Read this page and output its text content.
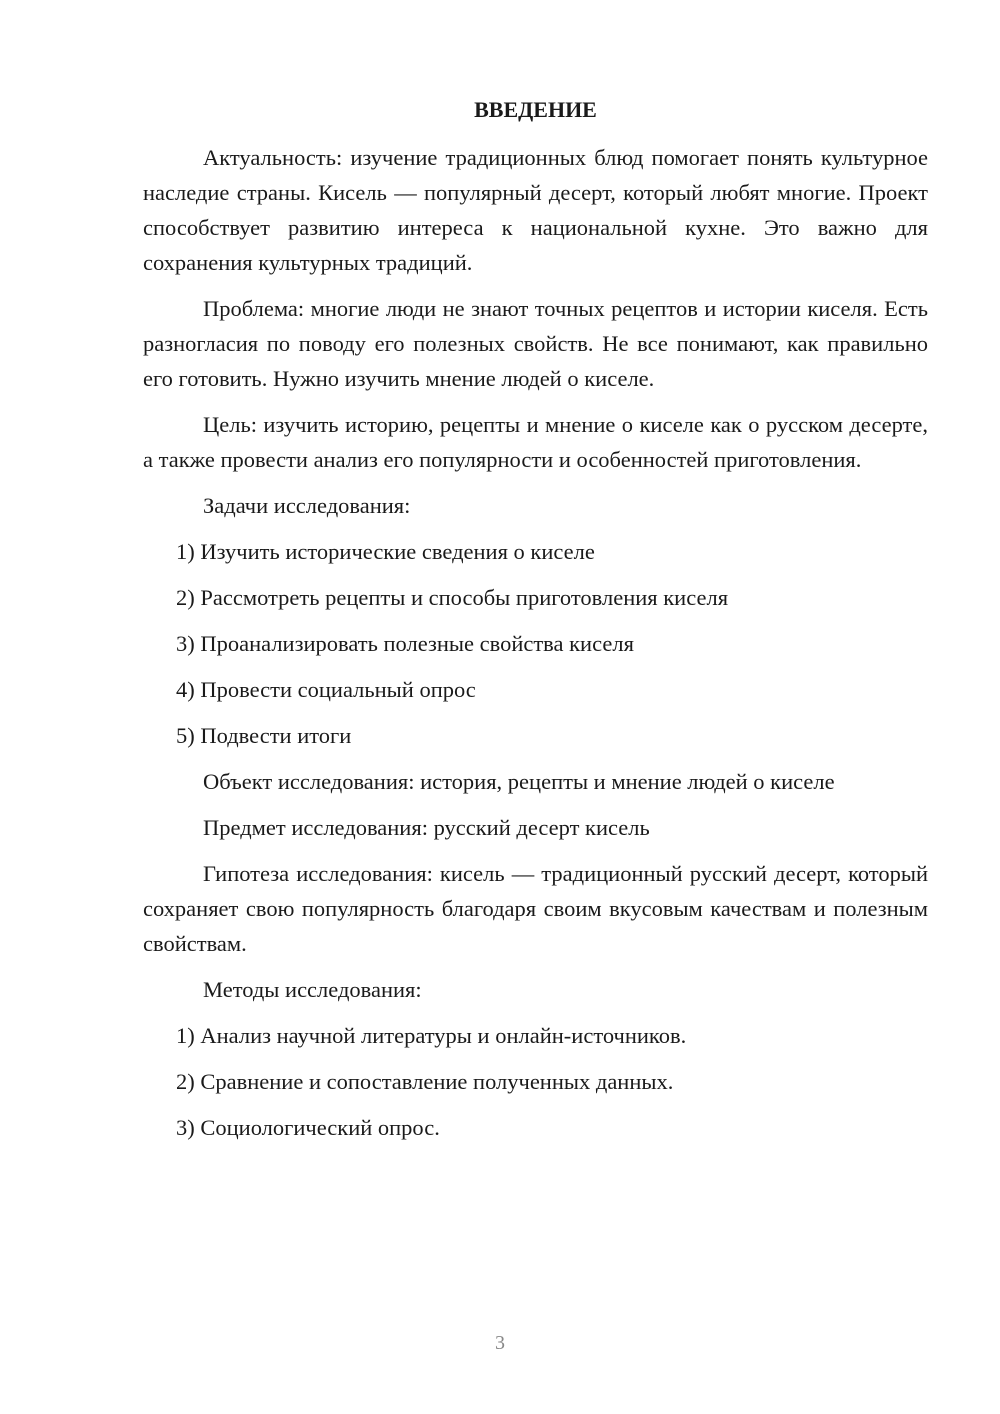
ВВЕДЕНИЕ

Актуальность: изучение традиционных блюд помогает понять культурное наследие страны. Кисель — популярный десерт, который любят многие. Проект способствует развитию интереса к национальной кухне. Это важно для сохранения культурных традиций.

Проблема: многие люди не знают точных рецептов и истории киселя. Есть разногласия по поводу его полезных свойств. Не все понимают, как правильно его готовить. Нужно изучить мнение людей о киселе.

Цель: изучить историю, рецепты и мнение о киселе как о русском десерте, а также провести анализ его популярности и особенностей приготовления.

Задачи исследования:

1) Изучить исторические сведения о киселе

2) Рассмотреть рецепты и способы приготовления киселя

3) Проанализировать полезные свойства киселя

4) Провести социальный опрос

5) Подвести итоги

Объект исследования: история, рецепты и мнение людей о киселе

Предмет исследования: русский десерт кисель

Гипотеза исследования: кисель — традиционный русский десерт, который сохраняет свою популярность благодаря своим вкусовым качествам и полезным свойствам.

Методы исследования:

1) Анализ научной литературы и онлайн-источников.

2) Сравнение и сопоставление полученных данных.

3) Социологический опрос.

3
